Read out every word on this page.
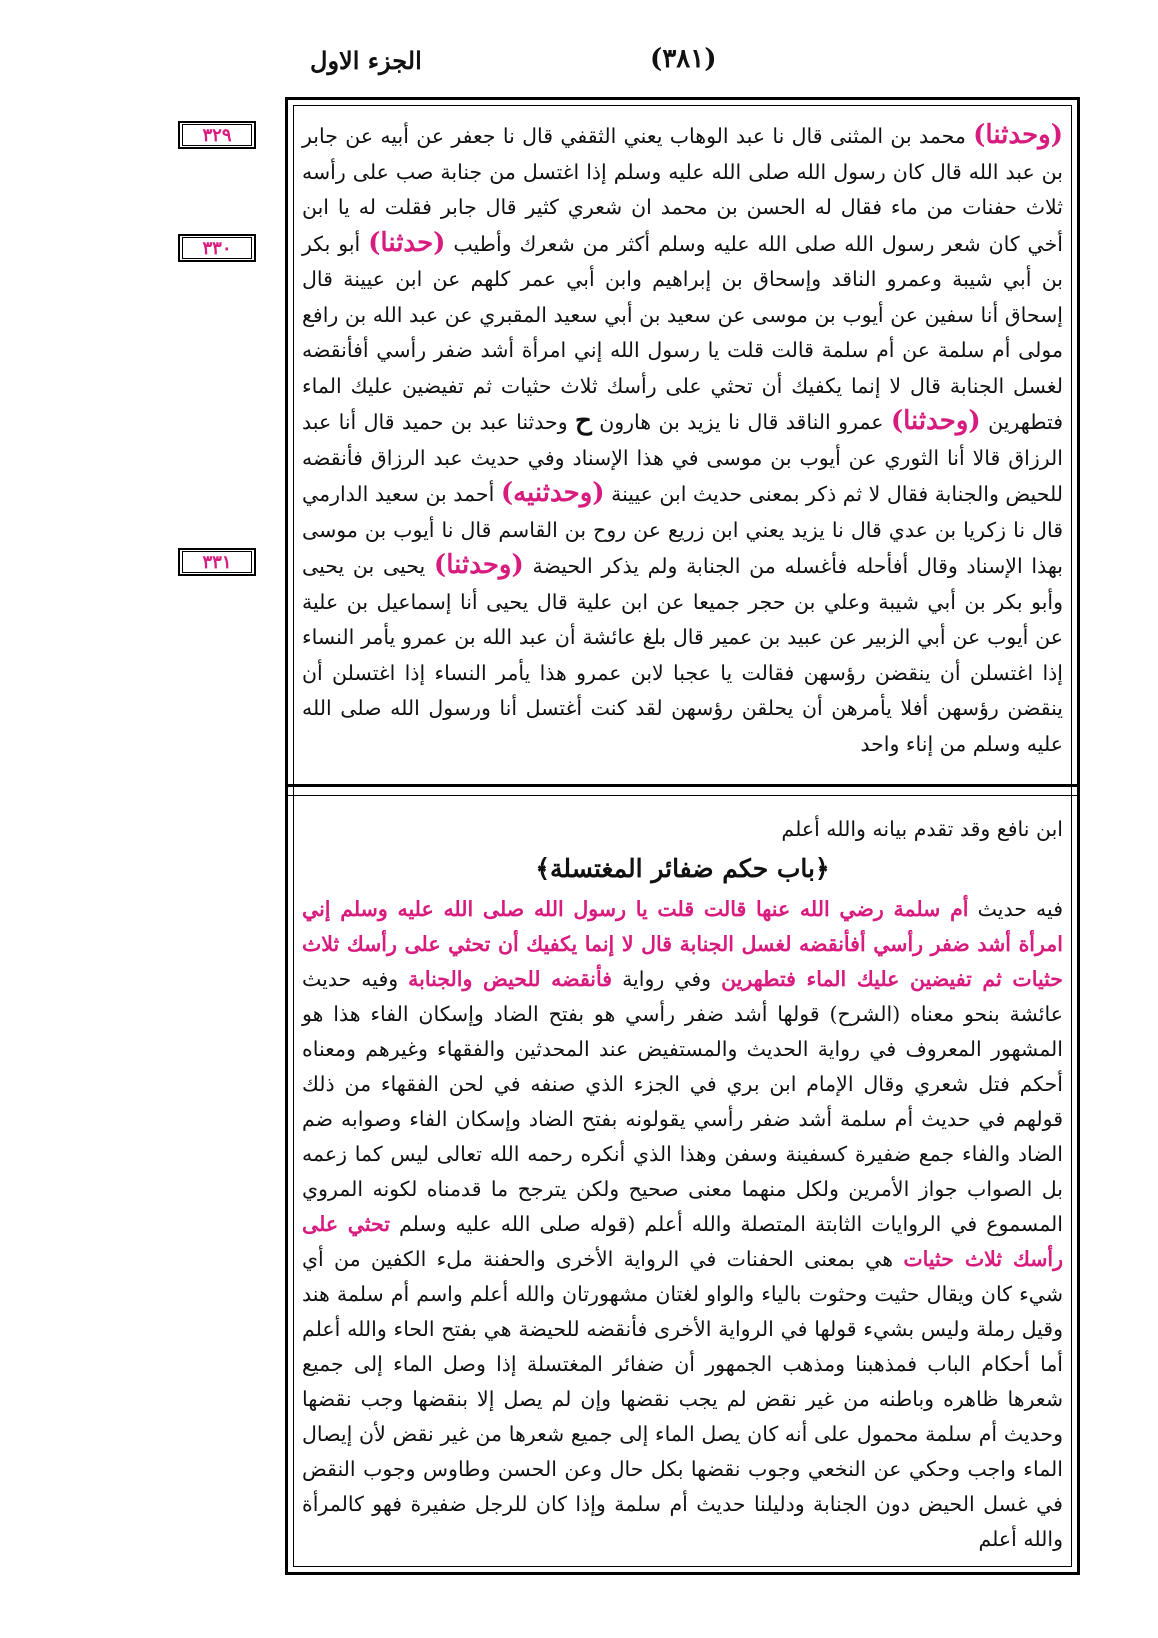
الجزء الاول	(٣٨١)
٣٢٩
٣٣٠
٣٣١

(وحدثنا) محمد بن المثنى قال نا عبد الوهاب يعني الثقفي قال نا جعفر عن أبيه عن جابر بن عبد الله قال كان رسول الله صلى الله عليه وسلم إذا اغتسل من جنابة صب على رأسه ثلاث حفنات من ماء فقال له الحسن بن محمد ان شعري كثير قال جابر فقلت له يا ابن أخي كان شعر رسول الله صلى الله عليه وسلم أكثر من شعرك وأطيب (حدثنا) أبو بكر بن أبي شيبة وعمرو الناقد وإسحاق بن إبراهيم وابن أبي عمر كلهم عن ابن عيينة قال إسحاق أنا سفين عن أيوب بن موسى عن سعيد بن أبي سعيد المقبري عن عبد الله بن رافع مولى أم سلمة عن أم سلمة قالت قلت يا رسول الله إني امرأة أشد ضفر رأسي أفأنقضه لغسل الجنابة قال لا إنما يكفيك أن تحثي على رأسك ثلاث حثيات ثم تفيضين عليك الماء فتطهرين (وحدثنا) عمرو الناقد قال نا يزيد بن هارون ح وحدثنا عبد بن حميد قال أنا عبد الرزاق قالا أنا الثوري عن أيوب بن موسى في هذا الإسناد وفي حديث عبد الرزاق فأنقضه للحيض والجنابة فقال لا ثم ذكر بمعنى حديث ابن عيينة (وحدثنيه) أحمد بن سعيد الدارمي قال نا زكريا بن عدي قال نا يزيد يعني ابن زريع عن روح بن القاسم قال نا أيوب بن موسى بهذا الإسناد وقال أفأحله فأغسله من الجنابة ولم يذكر الحيضة (وحدثنا) يحيى بن يحيى وأبو بكر بن أبي شيبة وعلي بن حجر جميعا عن ابن علية قال يحيى أنا إسماعيل بن علية عن أيوب عن أبي الزبير عن عبيد بن عمير قال بلغ عائشة أن عبد الله بن عمرو يأمر النساء إذا اغتسلن أن ينقضن رؤسهن فقالت يا عجبا لابن عمرو هذا يأمر النساء إذا اغتسلن أن ينقضن رؤسهن أفلا يأمرهن أن يحلقن رؤسهن لقد كنت أغتسل أنا ورسول الله صلى الله عليه وسلم من إناء واحد

ابن نافع وقد تقدم بيانه والله أعلم

﴿باب حكم ضفائر المغتسلة﴾

فيه حديث أم سلمة رضي الله عنها قالت قلت يا رسول الله صلى الله عليه وسلم إني امرأة أشد ضفر رأسي أفأنقضه لغسل الجنابة قال لا إنما يكفيك أن تحثي على رأسك ثلاث حثيات ثم تفيضين عليك الماء فتطهرين وفي رواية فأنقضه للحيض والجنابة وفيه حديث عائشة بنحو معناه (الشرح) قولها أشد ضفر رأسي هو بفتح الضاد وإسكان الفاء هذا هو المشهور المعروف في رواية الحديث والمستفيض عند المحدثين والفقهاء وغيرهم ومعناه أحكم فتل شعري وقال الإمام ابن بري في الجزء الذي صنفه في لحن الفقهاء من ذلك قولهم في حديث أم سلمة أشد ضفر رأسي يقولونه بفتح الضاد وإسكان الفاء وصوابه ضم الضاد والفاء جمع ضفيرة كسفينة وسفن وهذا الذي أنكره رحمه الله تعالى ليس كما زعمه بل الصواب جواز الأمرين ولكل منهما معنى صحيح ولكن يترجح ما قدمناه لكونه المروي المسموع في الروايات الثابتة المتصلة والله أعلم (قوله صلى الله عليه وسلم تحثي على رأسك ثلاث حثيات هي بمعنى الحفنات في الرواية الأخرى والحفنة ملء الكفين من أي شيء كان ويقال حثيت وحثوت بالياء والواو لغتان مشهورتان والله أعلم واسم أم سلمة هند وقيل رملة وليس بشيء قولها في الرواية الأخرى فأنقضه للحيضة هي بفتح الحاء والله أعلم أما أحكام الباب فمذهبنا ومذهب الجمهور أن ضفائر المغتسلة إذا وصل الماء إلى جميع شعرها ظاهره وباطنه من غير نقض لم يجب نقضها وإن لم يصل إلا بنقضها وجب نقضها وحديث أم سلمة محمول على أنه كان يصل الماء إلى جميع شعرها من غير نقض لأن إيصال الماء واجب وحكي عن النخعي وجوب نقضها بكل حال وعن الحسن وطاوس وجوب النقض في غسل الحيض دون الجنابة ودليلنا حديث أم سلمة وإذا كان للرجل ضفيرة فهو كالمرأة والله أعلم
